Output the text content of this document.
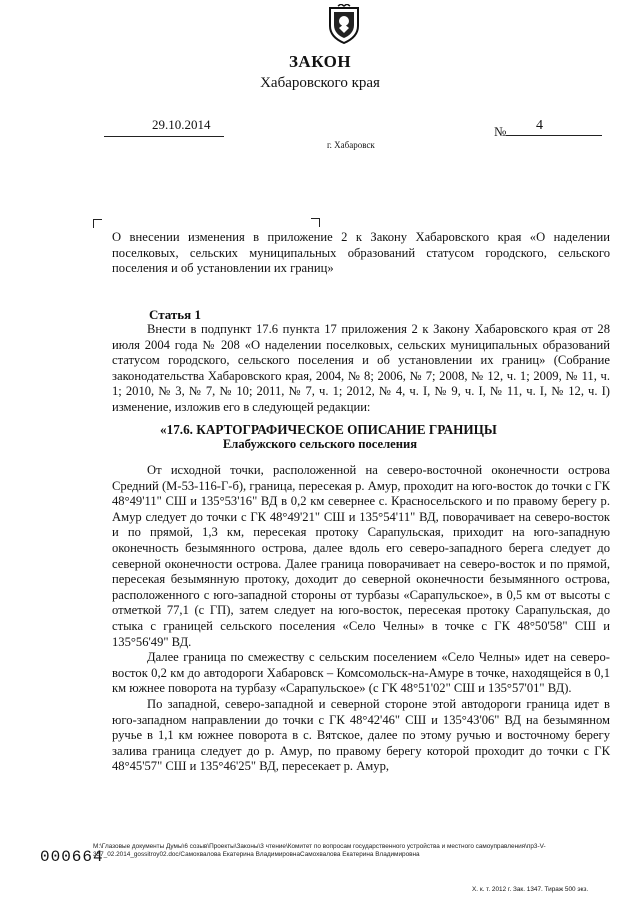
ЗАКОН
Хабаровского края
29.10.2014	№ 4
г. Хабаровск
О внесении изменения в приложение 2 к Закону Хабаровского края «О наделении поселковых, сельских муниципальных образований статусом городского, сельского поселения и об установлении их границ»
Статья 1
Внести в подпункт 17.6 пункта 17 приложения 2 к Закону Хабаровского края от 28 июля 2004 года № 208 «О наделении поселковых, сельских муниципальных образований статусом городского, сельского поселения и об установлении их границ» (Собрание законодательства Хабаровского края, 2004, № 8; 2006, № 7; 2008, № 12, ч. 1; 2009, № 11, ч. 1; 2010, № 3, № 7, № 10; 2011, № 7, ч. 1; 2012, № 4, ч. I, № 9, ч. I, № 11, ч. I, № 12, ч. I) изменение, изложив его в следующей редакции:
«17.6. КАРТОГРАФИЧЕСКОЕ ОПИСАНИЕ ГРАНИЦЫ
Елабужского сельского поселения

От исходной точки, расположенной на северо-восточной оконечности острова Средний (М-53-116-Г-б), граница, пересекая р. Амур, проходит на юго-восток до точки с ГК 48°49'11" СШ и 135°53'16" ВД в 0,2 км севернее с. Красносельского и по правому берегу р. Амур следует до точки с ГК 48°49'21" СШ и 135°54'11" ВД, поворачивает на северо-восток и по прямой, 1,3 км, пересекая протоку Сарапульская, приходит на юго-западную оконечность безымянного острова, далее вдоль его северо-западного берега следует до северной оконечности острова. Далее граница поворачивает на северо-восток и по прямой, пересекая безымянную протоку, доходит до северной оконечности безымянного острова, расположенного с юго-западной стороны от турбазы «Сарапульское», в 0,5 км от высоты с отметкой 77,1 (с ГП), затем следует на юго-восток, пересекая протоку Сарапульская, до стыка с границей сельского поселения «Село Челны» в точке с ГК 48°50'58" СШ и 135°56'49" ВД.

Далее граница по смежеству с сельским поселением «Село Челны» идет на северо-восток 0,2 км до автодороги Хабаровск – Комсомольск-на-Амуре в точке, находящейся в 0,1 км южнее поворота на турбазу «Сарапульское» (с ГК 48°51'02" СШ и 135°57'01" ВД).

По западной, северо-западной и северной стороне этой автодороги граница идет в юго-западном направлении до точки с ГК 48°42'46" СШ и 135°43'06" ВД на безымянном ручье в 1,1 км южнее поворота в с. Вятское, далее по этому ручью и восточному берегу залива граница следует до р. Амур, по правому берегу которой проходит до точки с ГК 48°45'57" СШ и 135°46'25" ВД, пересекает р. Амур,

000664
M:\Глазовые документы Думы\6 созыв\Проекты\Законы\3 чтение\Комитет по вопросам государственного устройства и местного самоуправления\пр3-V-357_02.2014_gossitroy02.doc/Самохвалова Екатерина ВладимировнаСамохвалова Екатерина Владимировна
Х. к. т. 2012 г. Зак. 1347. Тираж 500 экз.
